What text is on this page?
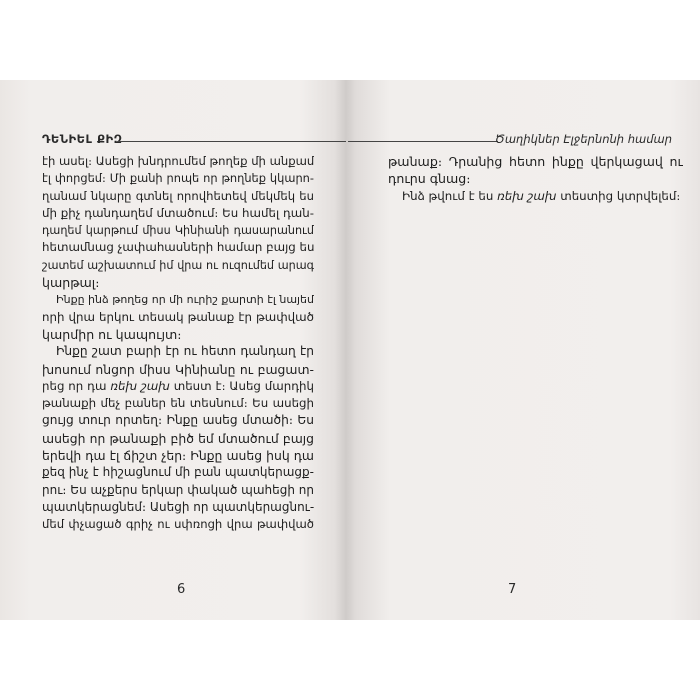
ԴԵՆԻԵԼ ՔԻԶ
էի ասել։ Ասեցի խնդրումեմ թողեք մի անքամ
էլ փորցեմ։ Մի քանի րոպե որ թողնեք կկարո-
ղանամ նկարը գտնել որովհետեվ մեկմեկ ես
մի քիչ դանդաղեմ մտածում։ Ես համել դան-
դաղեմ կարթում միսս Կինիանի դասարանում
հետամնաց չափահասների համար բայց ես
շատեմ աշխատում իմ վրա ու ուզումեմ արագ
կարթալ։
Ինքը ինձ թողեց որ մի ուրիշ քարտի էլ նայեմ
որի վրա երկու տեսակ թանաք էր թափված
կարմիր ու կապույտ։
Ինքը շատ բարի էր ու հետո դանդաղ էր
խոսում ոնցոր միսս Կինիանը ու բացատ-
րեց որ դա ռեխ շախ տեստ է։ Ասեց մարդիկ
թանաքի մեչ բաներ են տեսնում։ Ես ասեցի
ցույց տուր որտեղ։ Ինքը ասեց մտածի։ Ես
ասեցի որ թանաքի բիծ եմ մտածում բայց
երեվի դա էլ ճիշտ չեր։ Ինքը ասեց իսկ դա
քեզ ինչ է հիշացնում մի բան պատկերացք-
րու։ Ես աչքերս երկար փակած պահեցի որ
պատկերացնեմ։ Ասեցի որ պատկերացնու-
մեմ փչացած գրիչ ու սփռոցի վրա թափված
6
Ծաղիկներ Էլջերնոնի համար
թանաք։ Դրանից հետո ինքը վերկացավ ու
դուրս գնաց։
Ինձ թվում է ես ռեխ շախ տեստից կտրվելեմ։
7
